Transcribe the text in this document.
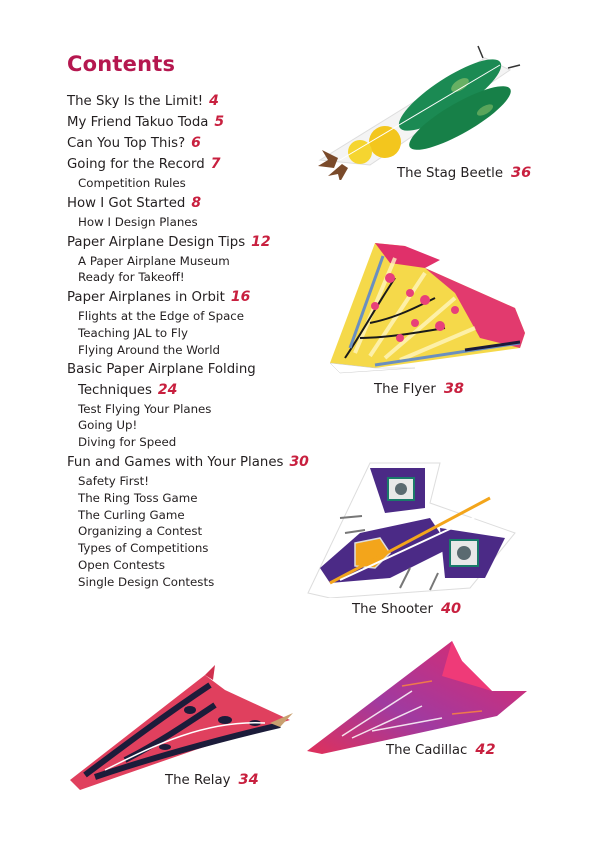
Contents
The Sky Is the Limit! 4
My Friend Takuo Toda 5
Can You Top This? 6
Going for the Record 7
Competition Rules
How I Got Started 8
How I Design Planes
Paper Airplane Design Tips 12
A Paper Airplane Museum
Ready for Takeoff!
Paper Airplanes in Orbit 16
Flights at the Edge of Space
Teaching JAL to Fly
Flying Around the World
Basic Paper Airplane Folding
Techniques 24
Test Flying Your Planes
Going Up!
Diving for Speed
Fun and Games with Your Planes 30
Safety First!
The Ring Toss Game
The Curling Game
Organizing a Contest
Types of Competitions
Open Contests
Single Design Contests
The Stag Beetle 36
The Flyer 38
The Shooter 40
The Relay 34
The Cadillac 42
